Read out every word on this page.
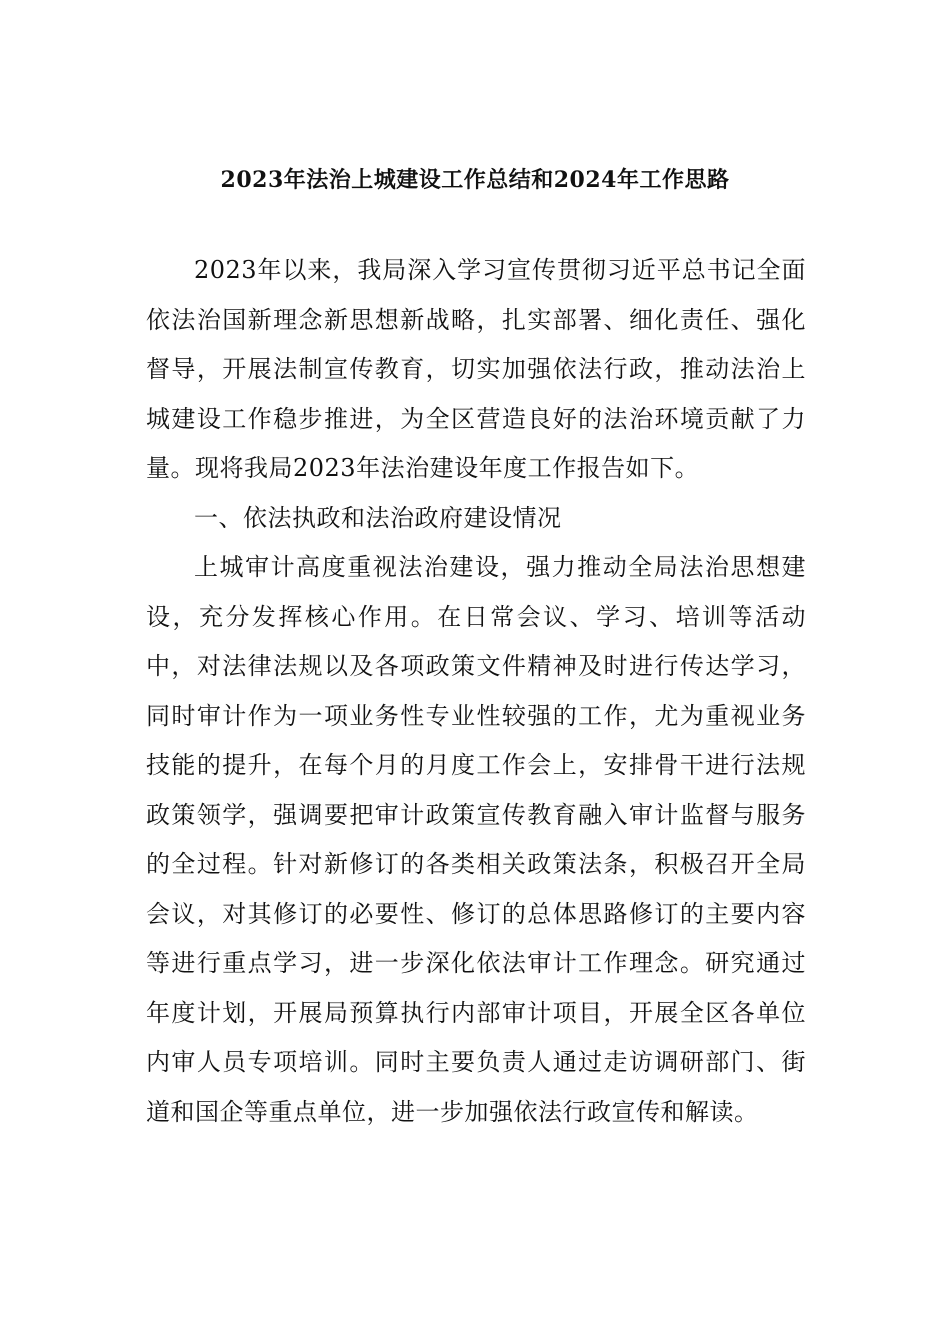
2023年法治上城建设工作总结和2024年工作思路

2023年以来，我局深入学习宣传贯彻习近平总书记全面依法治国新理念新思想新战略，扎实部署、细化责任、强化督导，开展法制宣传教育，切实加强依法行政，推动法治上城建设工作稳步推进，为全区营造良好的法治环境贡献了力量。现将我局2023年法治建设年度工作报告如下。

一、依法执政和法治政府建设情况

上城审计高度重视法治建设，强力推动全局法治思想建设，充分发挥核心作用。在日常会议、学习、培训等活动中，对法律法规以及各项政策文件精神及时进行传达学习，同时审计作为一项业务性专业性较强的工作，尤为重视业务技能的提升，在每个月的月度工作会上，安排骨干进行法规政策领学，强调要把审计政策宣传教育融入审计监督与服务的全过程。针对新修订的各类相关政策法条，积极召开全局会议，对其修订的必要性、修订的总体思路修订的主要内容等进行重点学习，进一步深化依法审计工作理念。研究通过年度计划，开展局预算执行内部审计项目，开展全区各单位内审人员专项培训。同时主要负责人通过走访调研部门、街道和国企等重点单位，进一步加强依法行政宣传和解读。
